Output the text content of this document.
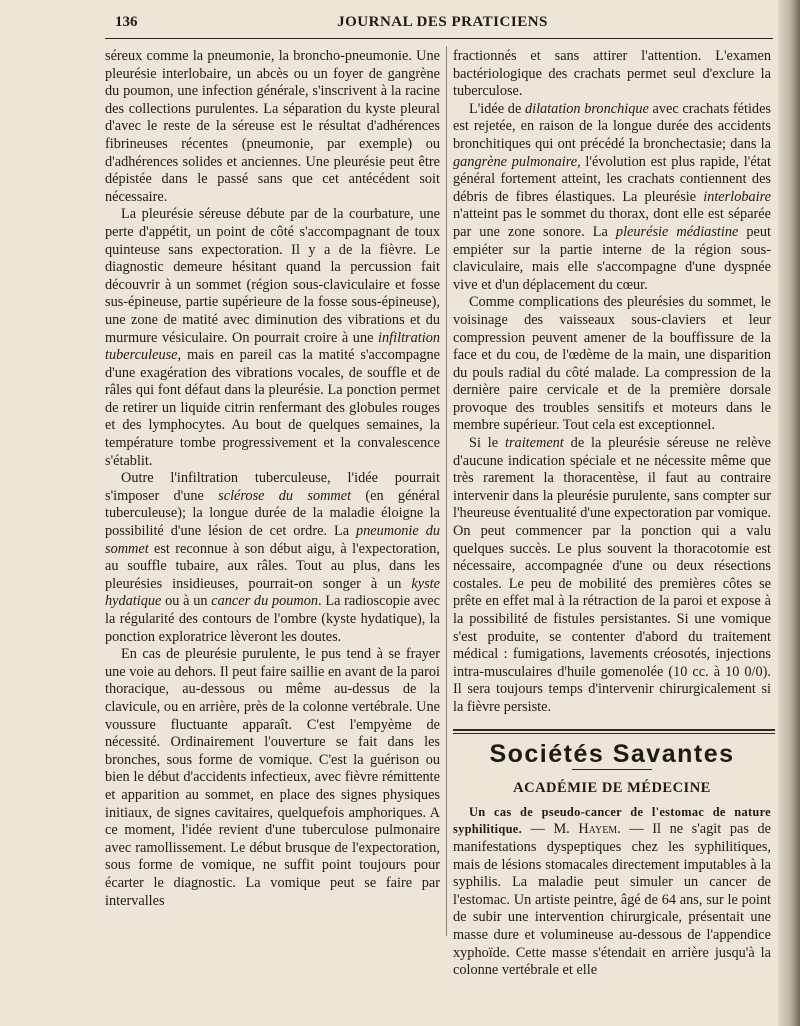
136	JOURNAL DES PRATICIENS

séreux comme la pneumonie, la broncho-pneumonie. Une pleurésie interlobaire, un abcès ou un foyer de gangrène du poumon, une infection générale, s'inscrivent à la racine des collections purulentes. La séparation du kyste pleural d'avec le reste de la séreuse est le résultat d'adhérences fibrineuses récentes (pneumonie, par exemple) ou d'adhérences solides et anciennes. Une pleurésie peut être dépistée dans le passé sans que cet antécédent soit nécessaire.

La pleurésie séreuse débute par de la courbature, une perte d'appétit, un point de côté s'accompagnant de toux quinteuse sans expectoration. Il y a de la fièvre. Le diagnostic demeure hésitant quand la percussion fait découvrir à un sommet (région sous-claviculaire et fosse sus-épineuse, partie supérieure de la fosse sous-épineuse), une zone de matité avec diminution des vibrations et du murmure vésiculaire. On pourrait croire à une infiltration tuberculeuse, mais en pareil cas la matité s'accompagne d'une exagération des vibrations vocales, de souffle et de râles qui font défaut dans la pleurésie. La ponction permet de retirer un liquide citrin renfermant des globules rouges et des lymphocytes. Au bout de quelques semaines, la température tombe progressivement et la convalescence s'établit.

Outre l'infiltration tuberculeuse, l'idée pourrait s'imposer d'une sclérose du sommet (en général tuberculeuse); la longue durée de la maladie éloigne la possibilité d'une lésion de cet ordre. La pneumonie du sommet est reconnue à son début aigu, à l'expectoration, au souffle tubaire, aux râles. Tout au plus, dans les pleurésies insidieuses, pourrait-on songer à un kyste hydatique ou à un cancer du poumon. La radioscopie avec la régularité des contours de l'ombre (kyste hydatique), la ponction exploratrice lèveront les doutes.

En cas de pleurésie purulente, le pus tend à se frayer une voie au dehors. Il peut faire saillie en avant de la paroi thoracique, au-dessous ou même au-dessus de la clavicule, ou en arrière, près de la colonne vertébrale. Une voussure fluctuante apparaît. C'est l'empyème de nécessité. Ordinairement l'ouverture se fait dans les bronches, sous forme de vomique. C'est la guérison ou bien le début d'accidents infectieux, avec fièvre rémittente et apparition au sommet, en place des signes physiques initiaux, de signes cavitaires, quelquefois amphoriques. A ce moment, l'idée revient d'une tuberculose pulmonaire avec ramollissement. Le début brusque de l'expectoration, sous forme de vomique, ne suffit point toujours pour écarter le diagnostic. La vomique peut se faire par intervalles

fractionnés et sans attirer l'attention. L'examen bactériologique des crachats permet seul d'exclure la tuberculose.

L'idée de dilatation bronchique avec crachats fétides est rejetée, en raison de la longue durée des accidents bronchitiques qui ont précédé la bronchectasie; dans la gangrène pulmonaire, l'évolution est plus rapide, l'état général fortement atteint, les crachats contiennent des débris de fibres élastiques. La pleurésie interlobaire n'atteint pas le sommet du thorax, dont elle est séparée par une zone sonore. La pleurésie médiastine peut empiéter sur la partie interne de la région sous-claviculaire, mais elle s'accompagne d'une dyspnée vive et d'un déplacement du cœur.

Comme complications des pleurésies du sommet, le voisinage des vaisseaux sous-claviers et leur compression peuvent amener de la bouffissure de la face et du cou, de l'œdème de la main, une disparition du pouls radial du côté malade. La compression de la dernière paire cervicale et de la première dorsale provoque des troubles sensitifs et moteurs dans le membre supérieur. Tout cela est exceptionnel.

Si le traitement de la pleurésie séreuse ne relève d'aucune indication spéciale et ne nécessite même que très rarement la thoracentèse, il faut au contraire intervenir dans la pleurésie purulente, sans compter sur l'heureuse éventualité d'une expectoration par vomique. On peut commencer par la ponction qui a valu quelques succès. Le plus souvent la thoracotomie est nécessaire, accompagnée d'une ou deux résections costales. Le peu de mobilité des premières côtes se prête en effet mal à la rétraction de la paroi et expose à la possibilité de fistules persistantes. Si une vomique s'est produite, se contenter d'abord du traitement médical : fumigations, lavements créosotés, injections intra-musculaires d'huile gomenolée (10 cc. à 10 0/0). Il sera toujours temps d'intervenir chirurgicalement si la fièvre persiste.

Sociétés Savantes
ACADÉMIE DE MÉDECINE

Un cas de pseudo-cancer de l'estomac de nature syphilitique. — M. Hayem. — Il ne s'agit pas de manifestations dyspeptiques chez les syphilitiques, mais de lésions stomacales directement imputables à la syphilis. La maladie peut simuler un cancer de l'estomac. Un artiste peintre, âgé de 64 ans, sur le point de subir une intervention chirurgicale, présentait une masse dure et volumineuse au-dessous de l'appendice xyphoïde. Cette masse s'étendait en arrière jusqu'à la colonne vertébrale et elle
